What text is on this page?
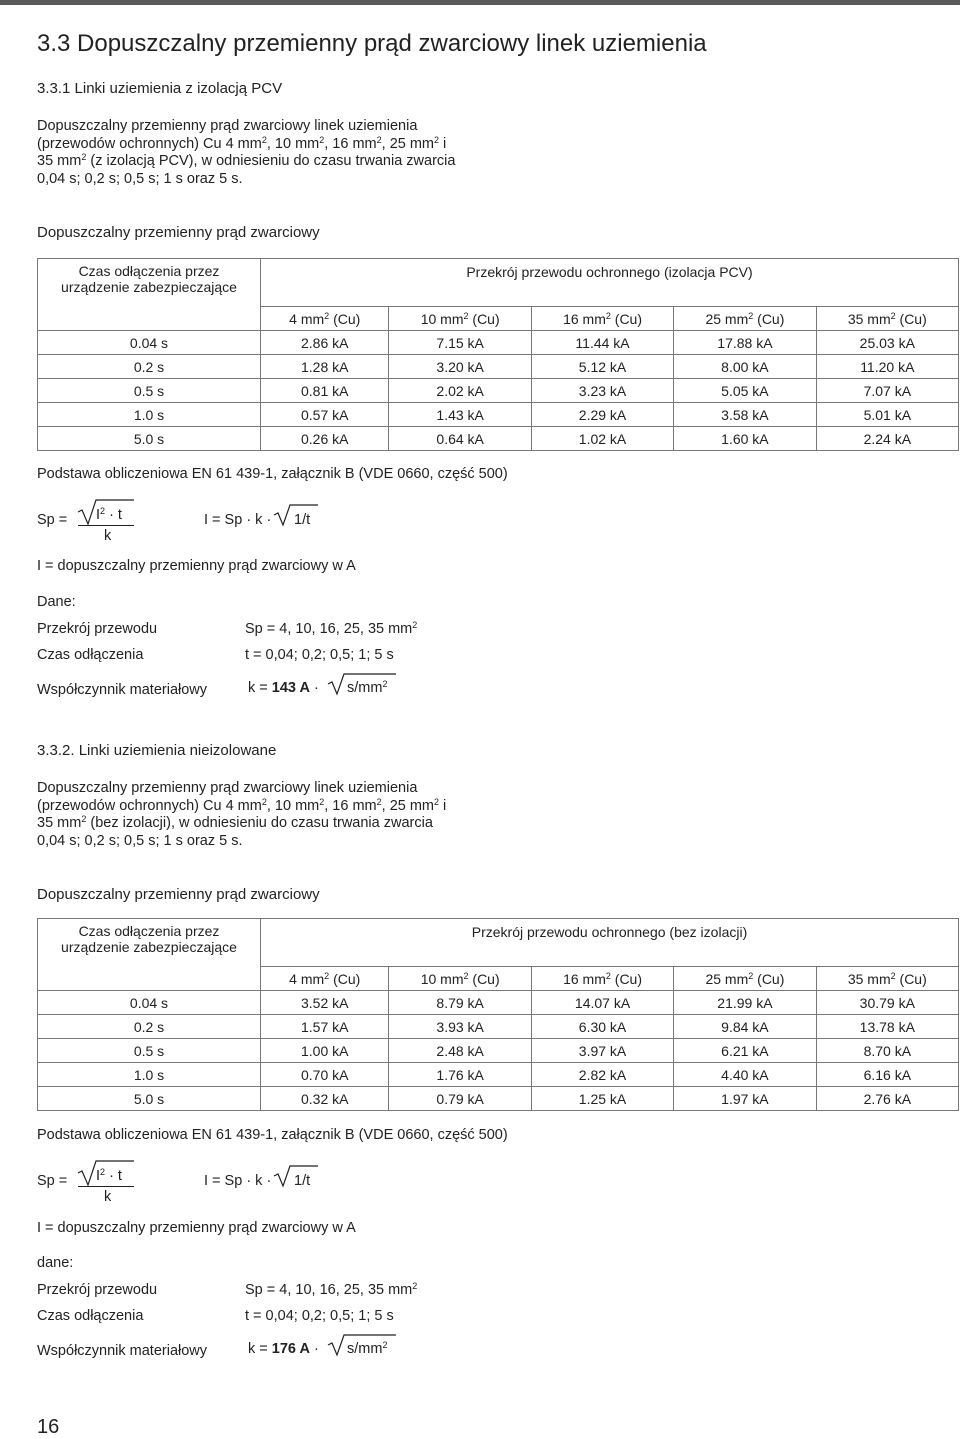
3.3 Dopuszczalny przemienny prąd zwarciowy linek uziemienia
3.3.1 Linki uziemienia z izolacją PCV
Dopuszczalny przemienny prąd zwarciowy linek uziemienia
(przewodów ochronnych) Cu 4 $mm^2$, 10 $mm^2$, 16 $mm^2$, 25 $mm^2$ i
35 $mm^2$ (z izolacją PCV), w odniesieniu do czasu trwania zwarcia
0,04 s; 0,2 s; 0,5 s; 1 s oraz 5 s.
Dopuszczalny przemienny prąd zwarciowy
Czas odłączenia przez
urządzenie zabezpieczające	Przekrój przewodu ochronnego (izolacja PCV)				
	4 $mm^2$ (Cu)	10 $mm^2$ (Cu)	16 $mm^2$ (Cu)	25 $mm^2$ (Cu)	35 $mm^2$ (Cu)
0.04 s	2.86 kA	7.15 kA	11.44 kA	17.88 kA	25.03 kA
0.2 s	1.28 kA	3.20 kA	5.12 kA	8.00 kA	11.20 kA
0.5 s	0.81 kA	2.02 kA	3.23 kA	5.05 kA	7.07 kA
1.0 s	0.57 kA	1.43 kA	2.29 kA	3.58 kA	5.01 kA
5.0 s	0.26 kA	0.64 kA	1.02 kA	1.60 kA	2.24 kA
Podstawa obliczeniowa EN 61 439-1, załącznik B (VDE 0660, część 500)
$Sp = I^2 \cdot t$
k
I = Sp · k · 1/t
I = dopuszczalny przemienny prąd zwarciowy w A
Dane:
Przekrój przewodu	Sp = 4, 10, 16, 25, 35 $mm^2$
Czas odłączenia	t = 0,04; 0,2; 0,5; 1; 5 s
Współczynnik materiałowy	k = 143 $A \cdot s/mm^2$
3.3.2. Linki uziemienia nieizolowane
Dopuszczalny przemienny prąd zwarciowy linek uziemienia
(przewodów ochronnych) Cu 4 $mm^2$, 10 $mm^2$, 16 $mm^2$, 25 $mm^2$ i
35 $mm^2$ (bez izolacji), w odniesieniu do czasu trwania zwarcia
0,04 s; 0,2 s; 0,5 s; 1 s oraz 5 s.
Dopuszczalny przemienny prąd zwarciowy
Czas odłączenia przez
urządzenie zabezpieczające	Przekrój przewodu ochronnego (bez izolacji)				
	4 $mm^2$ (Cu)	10 $mm^2$ (Cu)	16 $mm^2$ (Cu)	25 $mm^2$ (Cu)	35 $mm^2$ (Cu)
0.04 s	3.52 kA	8.79 kA	14.07 kA	21.99 kA	30.79 kA
0.2 s	1.57 kA	3.93 kA	6.30 kA	9.84 kA	13.78 kA
0.5 s	1.00 kA	2.48 kA	3.97 kA	6.21 kA	8.70 kA
1.0 s	0.70 kA	1.76 kA	2.82 kA	4.40 kA	6.16 kA
5.0 s	0.32 kA	0.79 kA	1.25 kA	1.97 kA	2.76 kA
Podstawa obliczeniowa EN 61 439-1, załącznik B (VDE 0660, część 500)
$Sp = I^2 \cdot t$
k
I = Sp · k · 1/t
I = dopuszczalny przemienny prąd zwarciowy w A
dane:
Przekrój przewodu	Sp = 4, 10, 16, 25, 35 $mm^2$
Czas odłączenia	t = 0,04; 0,2; 0,5; 1; 5 s
Współczynnik materiałowy	k = 176 $A \cdot s/mm^2$
16
